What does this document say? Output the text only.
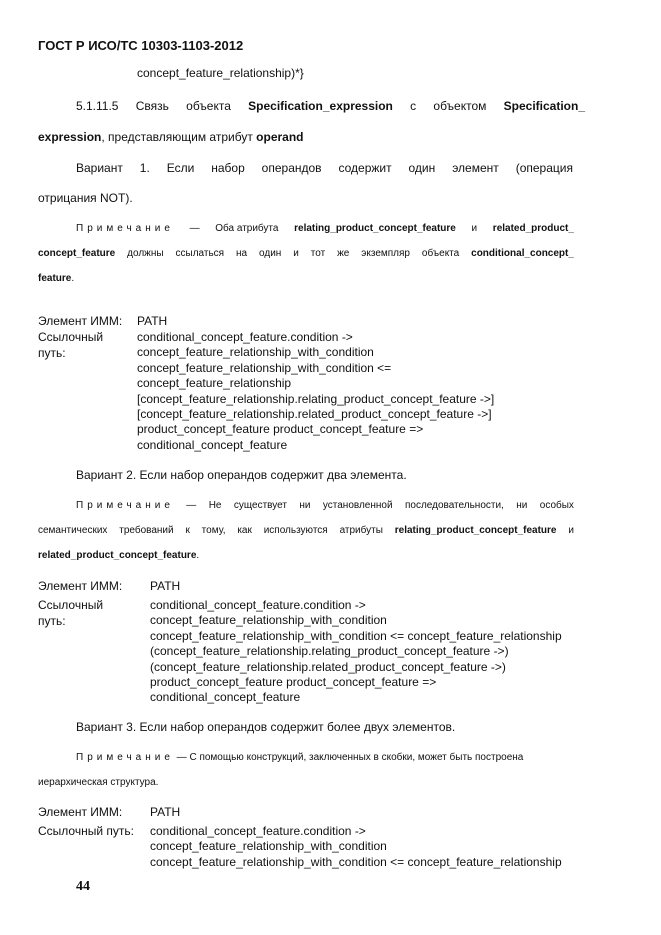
ГОСТ Р ИСО/ТС 10303-1103-2012
concept_feature_relationship)*}
5.1.11.5 Связь объекта Specification_expression с объектом Specification_
expression, представляющим атрибут operand
Вариант 1. Если набор операндов содержит один элемент (операция
отрицания NOT).
Примечание — Оба атрибута relating_product_concept_feature и related_product_
concept_feature должны ссылаться на один и тот же экземпляр объекта conditional_concept_
feature.
Элемент ИММ: PATH
Ссылочный
путь:
conditional_concept_feature.condition ->
concept_feature_relationship_with_condition
concept_feature_relationship_with_condition <=
concept_feature_relationship
[concept_feature_relationship.relating_product_concept_feature ->]
[concept_feature_relationship.related_product_concept_feature ->]
product_concept_feature product_concept_feature =>
conditional_concept_feature
Вариант 2. Если набор операндов содержит два элемента.
Примечание — Не существует ни установленной последовательности, ни особых
семантических требований к тому, как используются атрибуты relating_product_concept_feature и
related_product_concept_feature.
Элемент ИММ: PATH
Ссылочный
путь:
conditional_concept_feature.condition ->
concept_feature_relationship_with_condition
concept_feature_relationship_with_condition <= concept_feature_relationship
(concept_feature_relationship.relating_product_concept_feature ->)
(concept_feature_relationship.related_product_concept_feature ->)
product_concept_feature product_concept_feature =>
conditional_concept_feature
Вариант 3. Если набор операндов содержит более двух элементов.
Примечание — С помощью конструкций, заключенных в скобки, может быть построена
иерархическая структура.
Элемент ИММ: PATH
Ссылочный путь: conditional_concept_feature.condition ->
concept_feature_relationship_with_condition
concept_feature_relationship_with_condition <= concept_feature_relationship
44
